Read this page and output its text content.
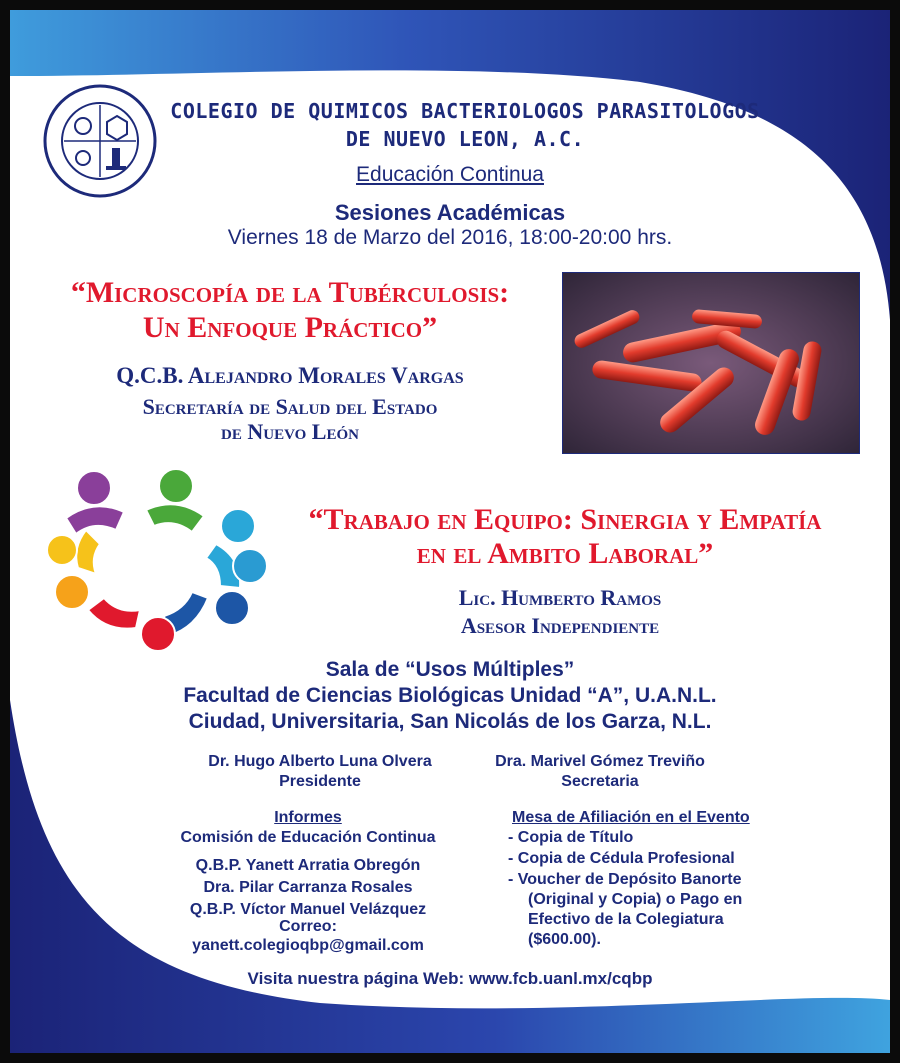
COLEGIO DE QUIMICOS BACTERIOLOGOS PARASITOLOGOS
DE NUEVO LEON, A.C.
Educación Continua
Sesiones Académicas
Viernes 18 de Marzo del 2016, 18:00-20:00 hrs.
“Microscopía de la Tubérculosis:
Un Enfoque Práctico”
Q.C.B. Alejandro Morales Vargas
Secretaría de Salud del Estado
de Nuevo León
“Trabajo en Equipo: Sinergia y Empatía
en el Ambito Laboral”
Lic. Humberto Ramos
Asesor Independiente
Sala de “Usos Múltiples”
Facultad de Ciencias Biológicas Unidad “A”, U.A.N.L.
Ciudad, Universitaria, San Nicolás de los Garza, N.L.
Dr. Hugo Alberto Luna Olvera
Presidente
Dra. Marivel Gómez Treviño
Secretaria
Informes
Comisión de Educación Continua
Q.B.P. Yanett Arratia Obregón
Dra. Pilar Carranza Rosales
Q.B.P. Víctor Manuel Velázquez
Correo:
yanett.colegioqbp@gmail.com
Mesa de Afiliación en el Evento
- Copia de Título
- Copia de Cédula Profesional
- Voucher de Depósito Banorte
(Original y Copia) o Pago en
Efectivo de la Colegiatura
($600.00).
Visita nuestra página Web: www.fcb.uanl.mx/cqbp
